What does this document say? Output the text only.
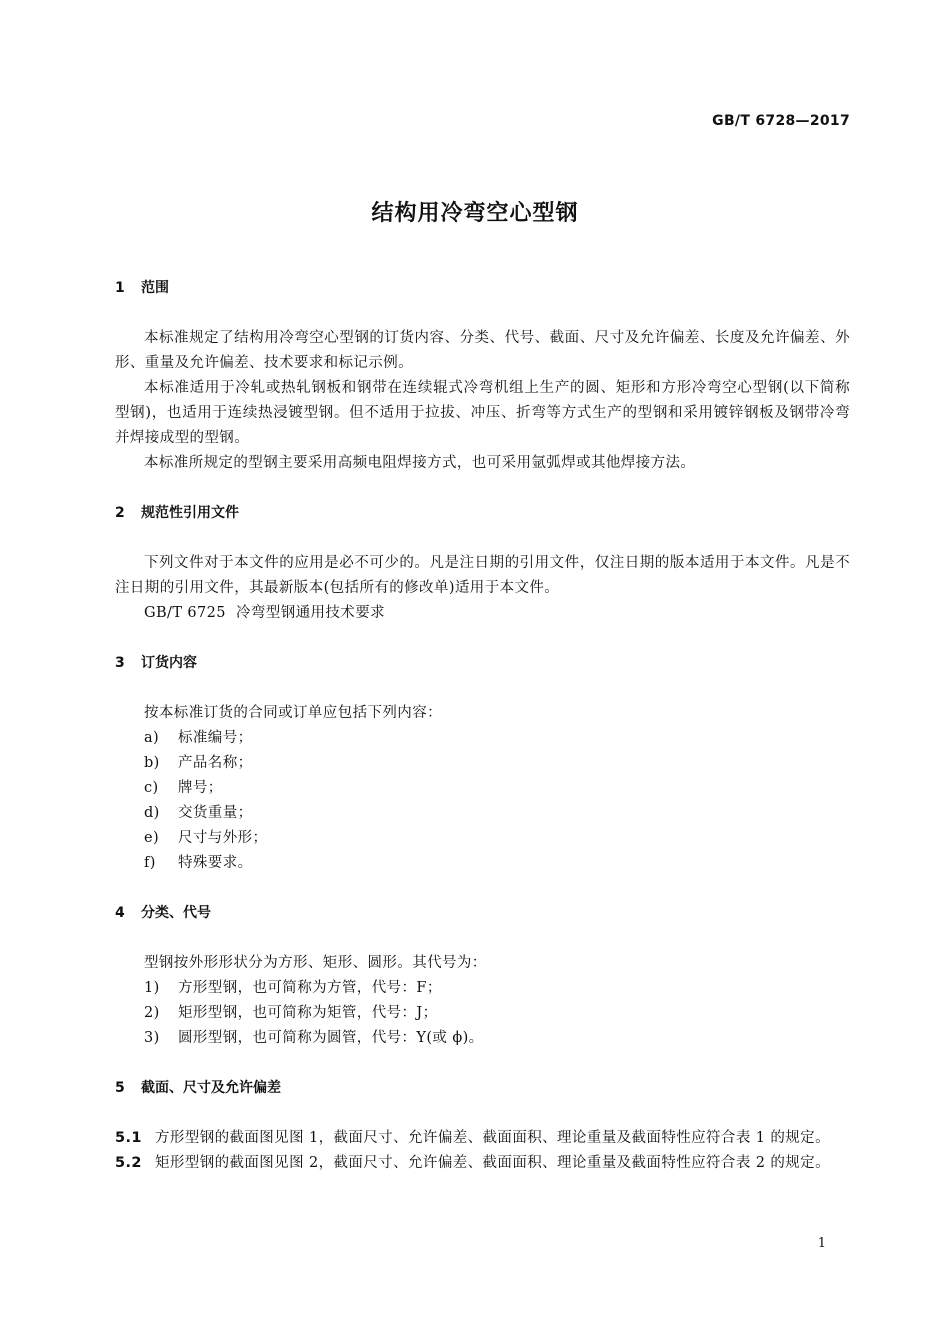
GB/T 6728—2017
结构用冷弯空心型钢
1 范围

本标准规定了结构用冷弯空心型钢的订货内容、分类、代号、截面、尺寸及允许偏差、长度及允许偏差、外形、重量及允许偏差、技术要求和标记示例。

本标准适用于冷轧或热轧钢板和钢带在连续辊式冷弯机组上生产的圆、矩形和方形冷弯空心型钢(以下简称型钢)，也适用于连续热浸镀型钢。但不适用于拉拔、冲压、折弯等方式生产的型钢和采用镀锌钢板及钢带冷弯并焊接成型的型钢。

本标准所规定的型钢主要采用高频电阻焊接方式，也可采用氩弧焊或其他焊接方法。

2 规范性引用文件

下列文件对于本文件的应用是必不可少的。凡是注日期的引用文件，仅注日期的版本适用于本文件。凡是不注日期的引用文件，其最新版本(包括所有的修改单)适用于本文件。

GB/T 6725 冷弯型钢通用技术要求

3 订货内容

按本标准订货的合同或订单应包括下列内容：

a) 标准编号；

b) 产品名称；

c) 牌号；

d) 交货重量；

e) 尺寸与外形；

f) 特殊要求。

4 分类、代号

型钢按外形形状分为方形、矩形、圆形。其代号为：

1) 方形型钢，也可简称为方管，代号：F；

2) 矩形型钢，也可简称为矩管，代号：J；

3) 圆形型钢，也可简称为圆管，代号：Y(或 ϕ)。

5 截面、尺寸及允许偏差

5.1 方形型钢的截面图见图 1，截面尺寸、允许偏差、截面面积、理论重量及截面特性应符合表 1 的规定。

5.2 矩形型钢的截面图见图 2，截面尺寸、允许偏差、截面面积、理论重量及截面特性应符合表 2 的规定。

1
